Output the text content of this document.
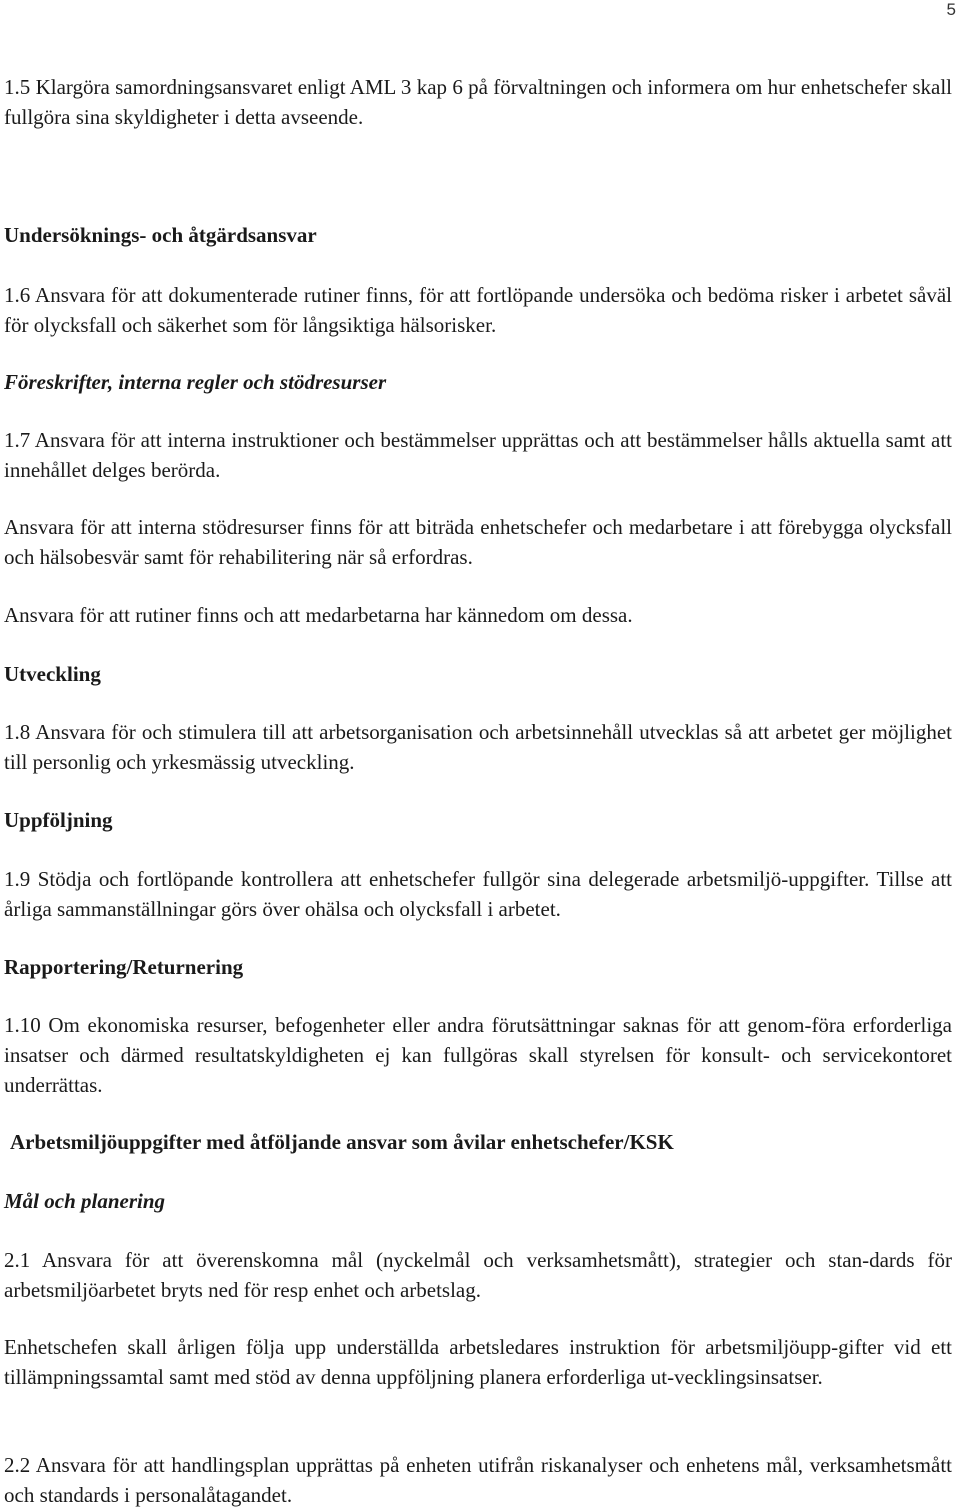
5

1.5 Klargöra samordningsansvaret enligt AML 3 kap 6 på förvaltningen och informera om hur enhetschefer skall fullgöra sina skyldigheter i detta avseende.

Undersöknings- och åtgärdsansvar

1.6 Ansvara för att dokumenterade rutiner finns, för att fortlöpande undersöka och bedöma risker i arbetet såväl för olycksfall och säkerhet som för långsiktiga hälsorisker.

Föreskrifter, interna regler och stödresurser

1.7 Ansvara för att interna instruktioner och bestämmelser upprättas och att bestämmelser hålls aktuella samt att innehållet delges berörda.

Ansvara för att interna stödresurser finns för att biträda enhetschefer och medarbetare i att förebygga olycksfall och hälsobesvär samt för rehabilitering när så erfordras.

Ansvara för att rutiner finns och att medarbetarna har kännedom om dessa.

Utveckling

1.8 Ansvara för och stimulera till att arbetsorganisation och arbetsinnehåll utvecklas så att arbetet ger möjlighet till personlig och yrkesmässig utveckling.

Uppföljning

1.9 Stödja och fortlöpande kontrollera att enhetschefer fullgör sina delegerade arbetsmiljö-uppgifter. Tillse att årliga sammanställningar görs över ohälsa och olycksfall i arbetet.

Rapportering/Returnering

1.10 Om ekonomiska resurser, befogenheter eller andra förutsättningar saknas för att genom-föra erforderliga insatser och därmed resultatskyldigheten ej kan fullgöras skall styrelsen för konsult- och servicekontoret underrättas.

Arbetsmiljöuppgifter med åtföljande ansvar som åvilar enhetschefer/KSK

Mål och planering

2.1 Ansvara för att överenskomna mål (nyckelmål och verksamhetsmått), strategier och stan-dards för arbetsmiljöarbetet bryts ned för resp enhet och arbetslag.

Enhetschefen skall årligen följa upp underställda arbetsledares instruktion för arbetsmiljöupp-gifter vid ett tillämpningssamtal samt med stöd av denna uppföljning planera erforderliga ut-vecklingsinsatser.

2.2 Ansvara för att handlingsplan upprättas på enheten utifrån riskanalyser och enhetens mål, verksamhetsmått och standards i personalåtagandet.
